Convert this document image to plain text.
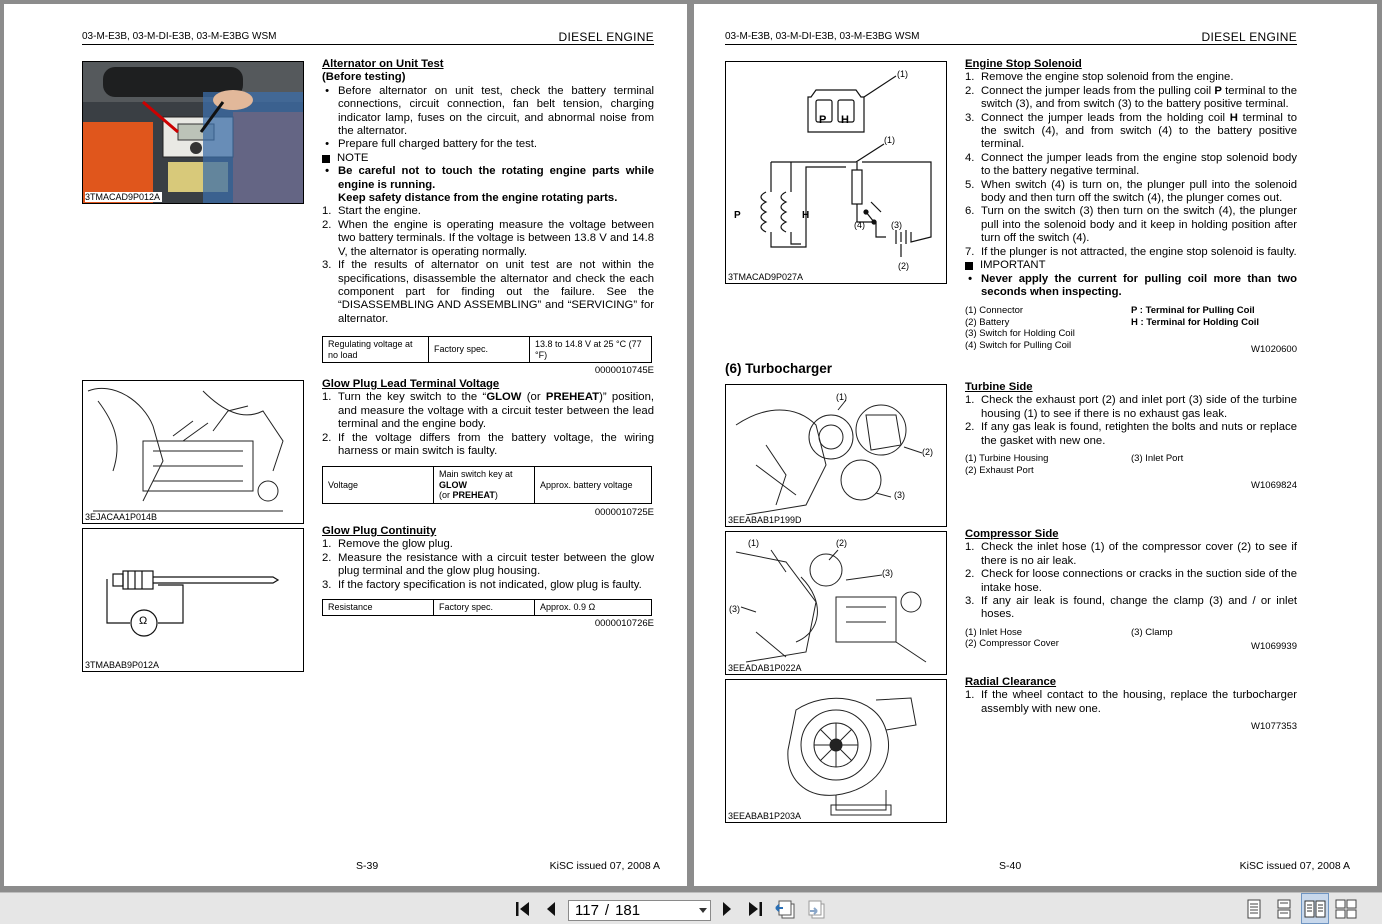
03-M-E3B, 03-M-DI-E3B, 03-M-E3BG WSM	DIESEL ENGINE
3TMACAD9P012A
Alternator on Unit Test
(Before testing)
• Before alternator on unit test, check the battery terminal connections, circuit connection, fan belt tension, charging indicator lamp, fuses on the circuit, and abnormal noise from the alternator.
• Prepare full charged battery for the test.
NOTE
• Be careful not to touch the rotating engine parts while engine is running.
Keep safety distance from the engine rotating parts.
1. Start the engine.
2. When the engine is operating measure the voltage between two battery terminals. If the voltage is between 13.8 V and 14.8 V, the alternator is operating normally.
3. If the results of alternator on unit test are not within the specifications, disassemble the alternator and check the each component part for finding out the failure. See the “DISASSEMBLING AND ASSEMBLING” and “SERVICING” for alternator.
Regulating voltage at no load	Factory spec.	13.8 to 14.8 V at 25 °C (77 °F)
0000010745E
3EJACAA1P014B
Glow Plug Lead Terminal Voltage
1. Turn the key switch to the “GLOW (or PREHEAT)” position, and measure the voltage with a circuit tester between the lead terminal and the engine body.
2. If the voltage differs from the battery voltage, the wiring harness or main switch is faulty.
Voltage	Main switch key at
GLOW
(or PREHEAT)	Approx. battery voltage
0000010725E
Ω
3TMABAB9P012A
Glow Plug Continuity
1. Remove the glow plug.
2. Measure the resistance with a circuit tester between the glow plug terminal and the glow plug housing.
3. If the factory specification is not indicated, glow plug is faulty.
Resistance	Factory spec.	Approx. 0.9 Ω
0000010726E
S-39	KiSC issued 07, 2008 A
03-M-E3B, 03-M-DI-E3B, 03-M-E3BG WSM	DIESEL ENGINE
(1)
(1)
(2)
(3)
(4)
P H
P	H
3TMACAD9P027A
Engine Stop Solenoid
1. Remove the engine stop solenoid from the engine.
2. Connect the jumper leads from the pulling coil P terminal to the switch (3), and from switch (3) to the battery positive terminal.
3. Connect the jumper leads from the holding coil H terminal to the switch (4), and from switch (4) to the battery positive terminal.
4. Connect the jumper leads from the engine stop solenoid body to the battery negative terminal.
5. When switch (4) is turn on, the plunger pull into the solenoid body and then turn off the switch (4), the plunger comes out.
6. Turn on the switch (3) then turn on the switch (4), the plunger pull into the solenoid body and it keep in holding position after turn off the switch (4).
7. If the plunger is not attracted, the engine stop solenoid is faulty.
IMPORTANT
• Never apply the current for pulling coil more than two seconds when inspecting.
(1) Connector
(2) Battery
(3) Switch for Holding Coil
(4) Switch for Pulling Coil
P : Terminal for Pulling Coil
H : Terminal for Holding Coil
W1020600
(6) Turbocharger
(1)
(2)
(3)
3EEABAB1P199D
Turbine Side
1. Check the exhaust port (2) and inlet port (3) side of the turbine housing (1) to see if there is no exhaust gas leak.
2. If any gas leak is found, retighten the bolts and nuts or replace the gasket with new one.
(1) Turbine Housing
(2) Exhaust Port
(3) Inlet Port
W1069824
(1)	(2)
(3)
(3)
3EEADAB1P022A
Compressor Side
1. Check the inlet hose (1) of the compressor cover (2) to see if there is no air leak.
2. Check for loose connections or cracks in the suction side of the intake hose.
3. If any air leak is found, change the clamp (3) and / or inlet hoses.
(1) Inlet Hose
(2) Compressor Cover
(3) Clamp
W1069939
3EEABAB1P203A
Radial Clearance
1. If the wheel contact to the housing, replace the turbocharger assembly with new one.
W1077353
S-40	KiSC issued 07, 2008 A
117 / 181
